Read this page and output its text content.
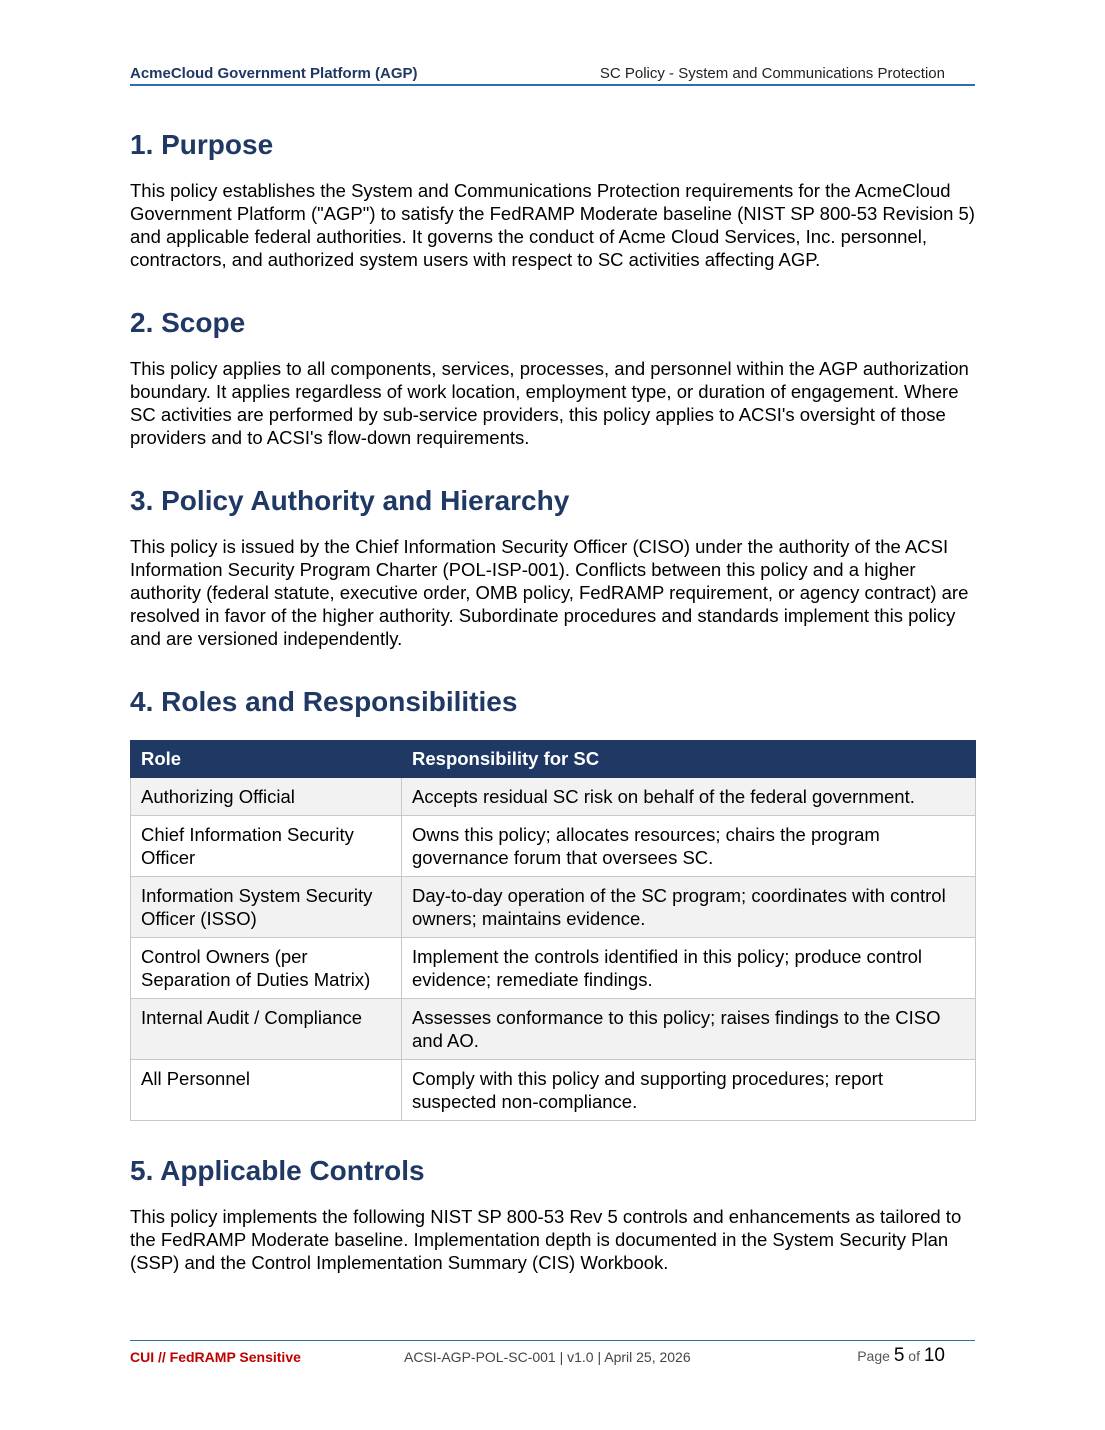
AcmeCloud Government Platform (AGP)	SC Policy - System and Communications Protection
1. Purpose

This policy establishes the System and Communications Protection requirements for the AcmeCloud Government Platform ("AGP") to satisfy the FedRAMP Moderate baseline (NIST SP 800-53 Revision 5) and applicable federal authorities. It governs the conduct of Acme Cloud Services, Inc. personnel, contractors, and authorized system users with respect to SC activities affecting AGP.

2. Scope

This policy applies to all components, services, processes, and personnel within the AGP authorization boundary. It applies regardless of work location, employment type, or duration of engagement. Where SC activities are performed by sub-service providers, this policy applies to ACSI's oversight of those providers and to ACSI's flow-down requirements.

3. Policy Authority and Hierarchy

This policy is issued by the Chief Information Security Officer (CISO) under the authority of the ACSI Information Security Program Charter (POL-ISP-001). Conflicts between this policy and a higher authority (federal statute, executive order, OMB policy, FedRAMP requirement, or agency contract) are resolved in favor of the higher authority. Subordinate procedures and standards implement this policy and are versioned independently.

4. Roles and Responsibilities
Role	Responsibility for SC
Authorizing Official	Accepts residual SC risk on behalf of the federal government.
Chief Information Security Officer	Owns this policy; allocates resources; chairs the program governance forum that oversees SC.
Information System Security Officer (ISSO)	Day-to-day operation of the SC program; coordinates with control owners; maintains evidence.
Control Owners (per Separation of Duties Matrix)	Implement the controls identified in this policy; produce control evidence; remediate findings.
Internal Audit / Compliance	Assesses conformance to this policy; raises findings to the CISO and AO.
All Personnel	Comply with this policy and supporting procedures; report suspected non-compliance.
5. Applicable Controls

This policy implements the following NIST SP 800-53 Rev 5 controls and enhancements as tailored to the FedRAMP Moderate baseline. Implementation depth is documented in the System Security Plan (SSP) and the Control Implementation Summary (CIS) Workbook.

CUI // FedRAMP Sensitive	ACSI-AGP-POL-SC-001 | v1.0 | April 25, 2026	Page 5 of 10
